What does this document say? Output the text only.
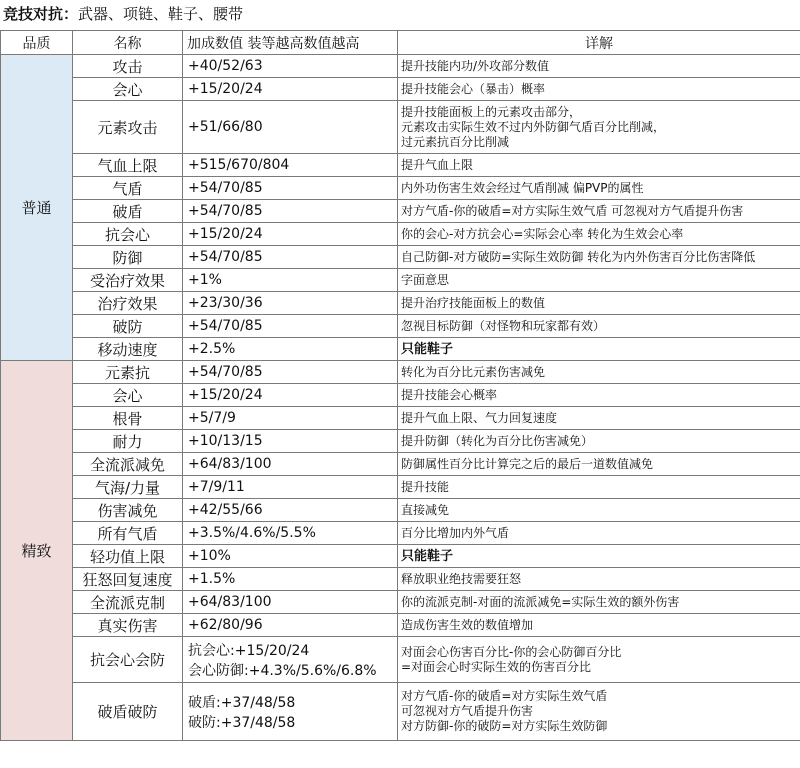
竞技对抗：武器、项链、鞋子、腰带
品质	名称	加成数值 装等越高数值越高	详解
普通	攻击	+40/52/63	提升技能内功/外攻部分数值

	会心	+15/20/24	提升技能会心（暴击）概率

	元素攻击	+51/66/80	提升技能面板上的元素攻击部分，
元素攻击实际生效不过内外防御气盾百分比削减，
过元素抗百分比削减

	气血上限	+515/670/804	提升气血上限

	气盾	+54/70/85	内外功伤害生效会经过气盾削减 偏PVP的属性

	破盾	+54/70/85	对方气盾-你的破盾=对方实际生效气盾 可忽视对方气盾提升伤害

	抗会心	+15/20/24	你的会心-对方抗会心=实际会心率 转化为生效会心率

	防御	+54/70/85	自己防御-对方破防=实际生效防御 转化为内外伤害百分比伤害降低

	受治疗效果	+1%	字面意思

	治疗效果	+23/30/36	提升治疗技能面板上的数值

	破防	+54/70/85	忽视目标防御（对怪物和玩家都有效）

	移动速度	+2.5%	只能鞋子

精致	元素抗	+54/70/85	转化为百分比元素伤害减免

	会心	+15/20/24	提升技能会心概率

	根骨	+5/7/9	提升气血上限、气力回复速度

	耐力	+10/13/15	提升防御（转化为百分比伤害减免）

	全流派减免	+64/83/100	防御属性百分比计算完之后的最后一道数值减免

	气海/力量	+7/9/11	提升技能

	伤害减免	+42/55/66	直接减免

	所有气盾	+3.5%/4.6%/5.5%	百分比增加内外气盾

	轻功值上限	+10%	只能鞋子

	狂怒回复速度	+1.5%	释放职业绝技需要狂怒

	全流派克制	+64/83/100	你的流派克制-对面的流派减免=实际生效的额外伤害

	真实伤害	+62/80/96	造成伤害生效的数值增加

	抗会心会防	抗会心:+15/20/24
会心防御:+4.3%/5.6%/6.8%	对面会心伤害百分比-你的会心防御百分比
=对面会心时实际生效的伤害百分比

	破盾破防	破盾:+37/48/58
破防:+37/48/58	对方气盾-你的破盾=对方实际生效气盾
可忽视对方气盾提升伤害
对方防御-你的破防=对方实际生效防御
